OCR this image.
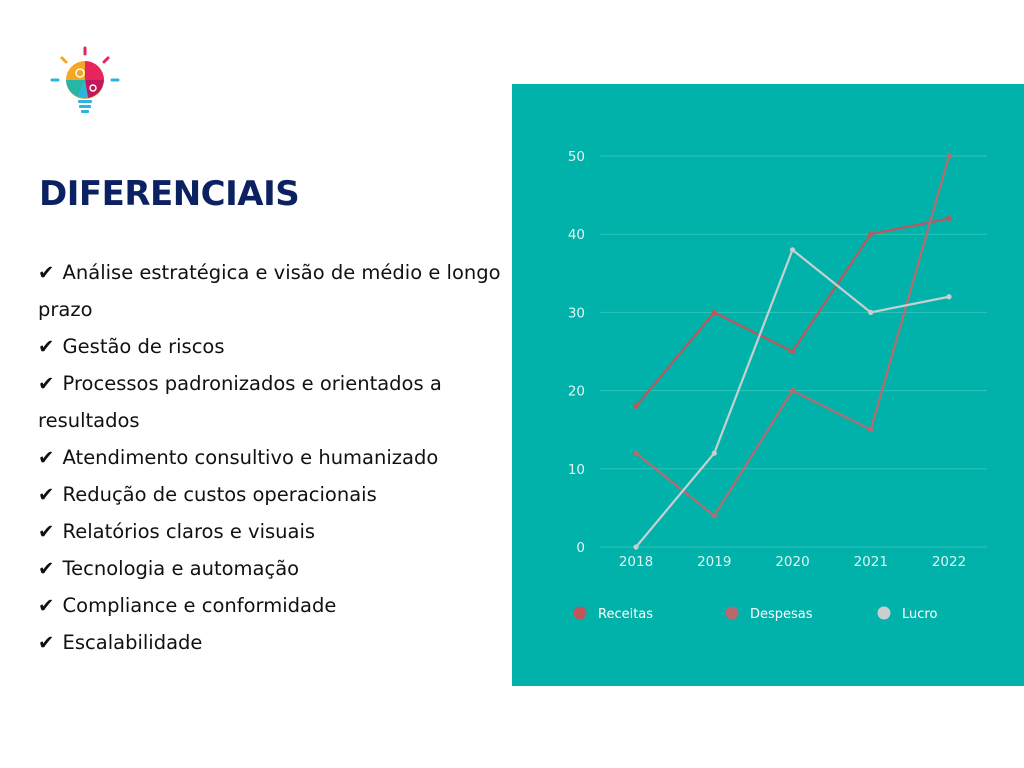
DIFERENCIAIS
✔ Análise estratégica e visão de médio e longo prazo
✔ Gestão de riscos
✔ Processos padronizados e orientados a resultados
✔ Atendimento consultivo e humanizado
✔ Redução de custos operacionais
✔ Relatórios claros e visuais
✔ Tecnologia e automação
✔ Compliance e conformidade
✔ Escalabilidade
0
10
20
30
40
50
2018	2019	2020	2021	2022
Receitas	Despesas	Lucro
